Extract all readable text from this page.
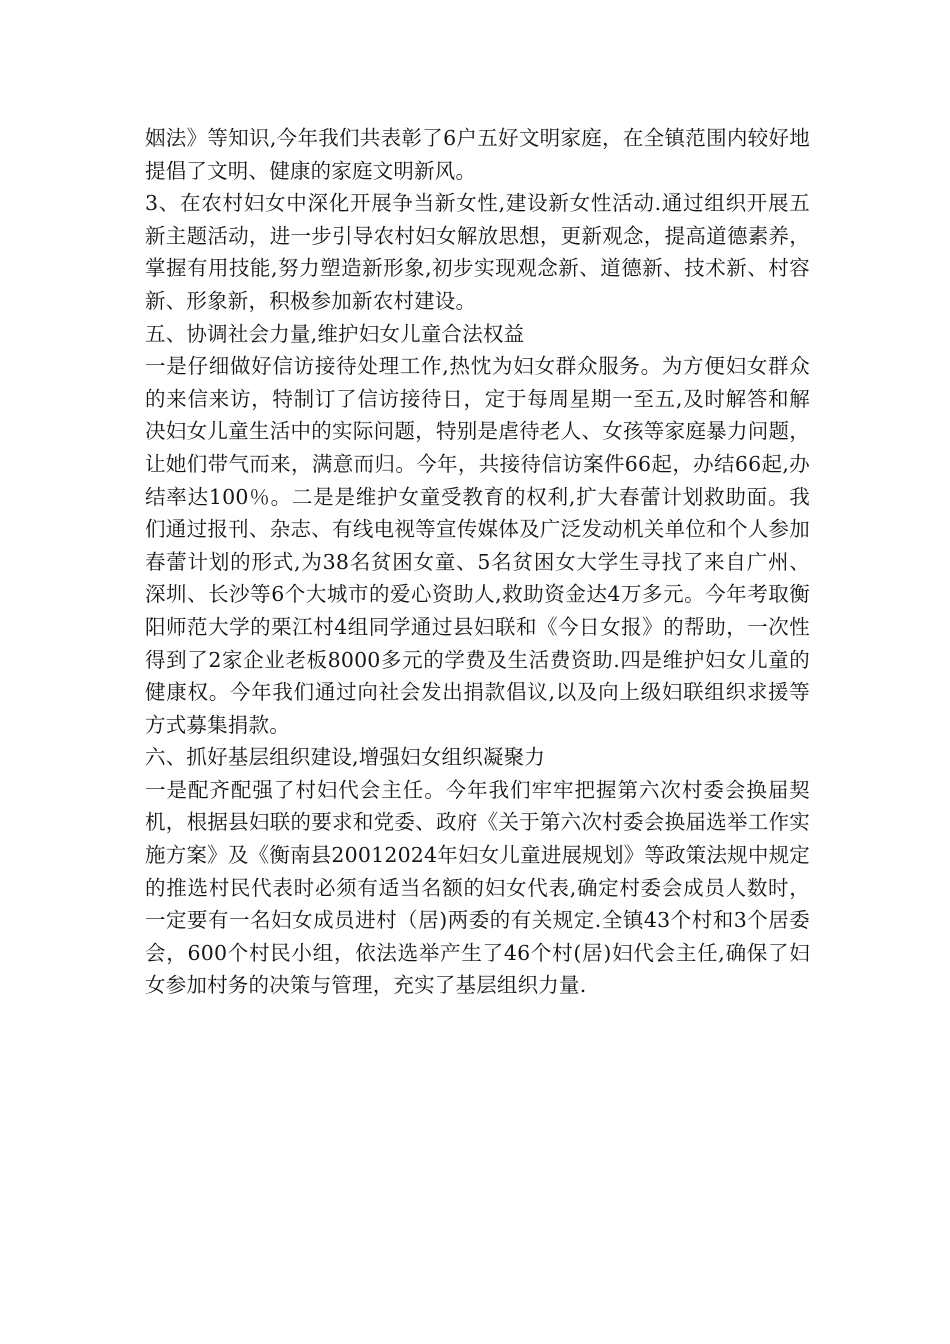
姻法》等知识,今年我们共表彰了6户五好文明家庭，在全镇范围内较好地提倡了文明、健康的家庭文明新风。

3、在农村妇女中深化开展争当新女性,建设新女性活动.通过组织开展五新主题活动，进一步引导农村妇女解放思想，更新观念，提高道德素养，掌握有用技能,努力塑造新形象,初步实现观念新、道德新、技术新、村容新、形象新，积极参加新农村建设。

五、协调社会力量,维护妇女儿童合法权益

一是仔细做好信访接待处理工作,热忱为妇女群众服务。为方便妇女群众的来信来访，特制订了信访接待日，定于每周星期一至五,及时解答和解决妇女儿童生活中的实际问题，特别是虐待老人、女孩等家庭暴力问题，让她们带气而来，满意而归。今年，共接待信访案件66起，办结66起,办结率达100％。二是是维护女童受教育的权利,扩大春蕾计划救助面。我们通过报刊、杂志、有线电视等宣传媒体及广泛发动机关单位和个人参加春蕾计划的形式,为38名贫困女童、5名贫困女大学生寻找了来自广州、深圳、长沙等6个大城市的爱心资助人,救助资金达4万多元。今年考取衡阳师范大学的栗江村4组同学通过县妇联和《今日女报》的帮助，一次性得到了2家企业老板8000多元的学费及生活费资助.四是维护妇女儿童的健康权。今年我们通过向社会发出捐款倡议,以及向上级妇联组织求援等方式募集捐款。

六、抓好基层组织建设,增强妇女组织凝聚力

一是配齐配强了村妇代会主任。今年我们牢牢把握第六次村委会换届契机，根据县妇联的要求和党委、政府《关于第六次村委会换届选举工作实施方案》及《衡南县20012024年妇女儿童进展规划》等政策法规中规定的推选村民代表时必须有适当名额的妇女代表,确定村委会成员人数时，一定要有一名妇女成员进村（居)两委的有关规定.全镇43个村和3个居委会，600个村民小组，依法选举产生了46个村(居)妇代会主任,确保了妇女参加村务的决策与管理，充实了基层组织力量.
